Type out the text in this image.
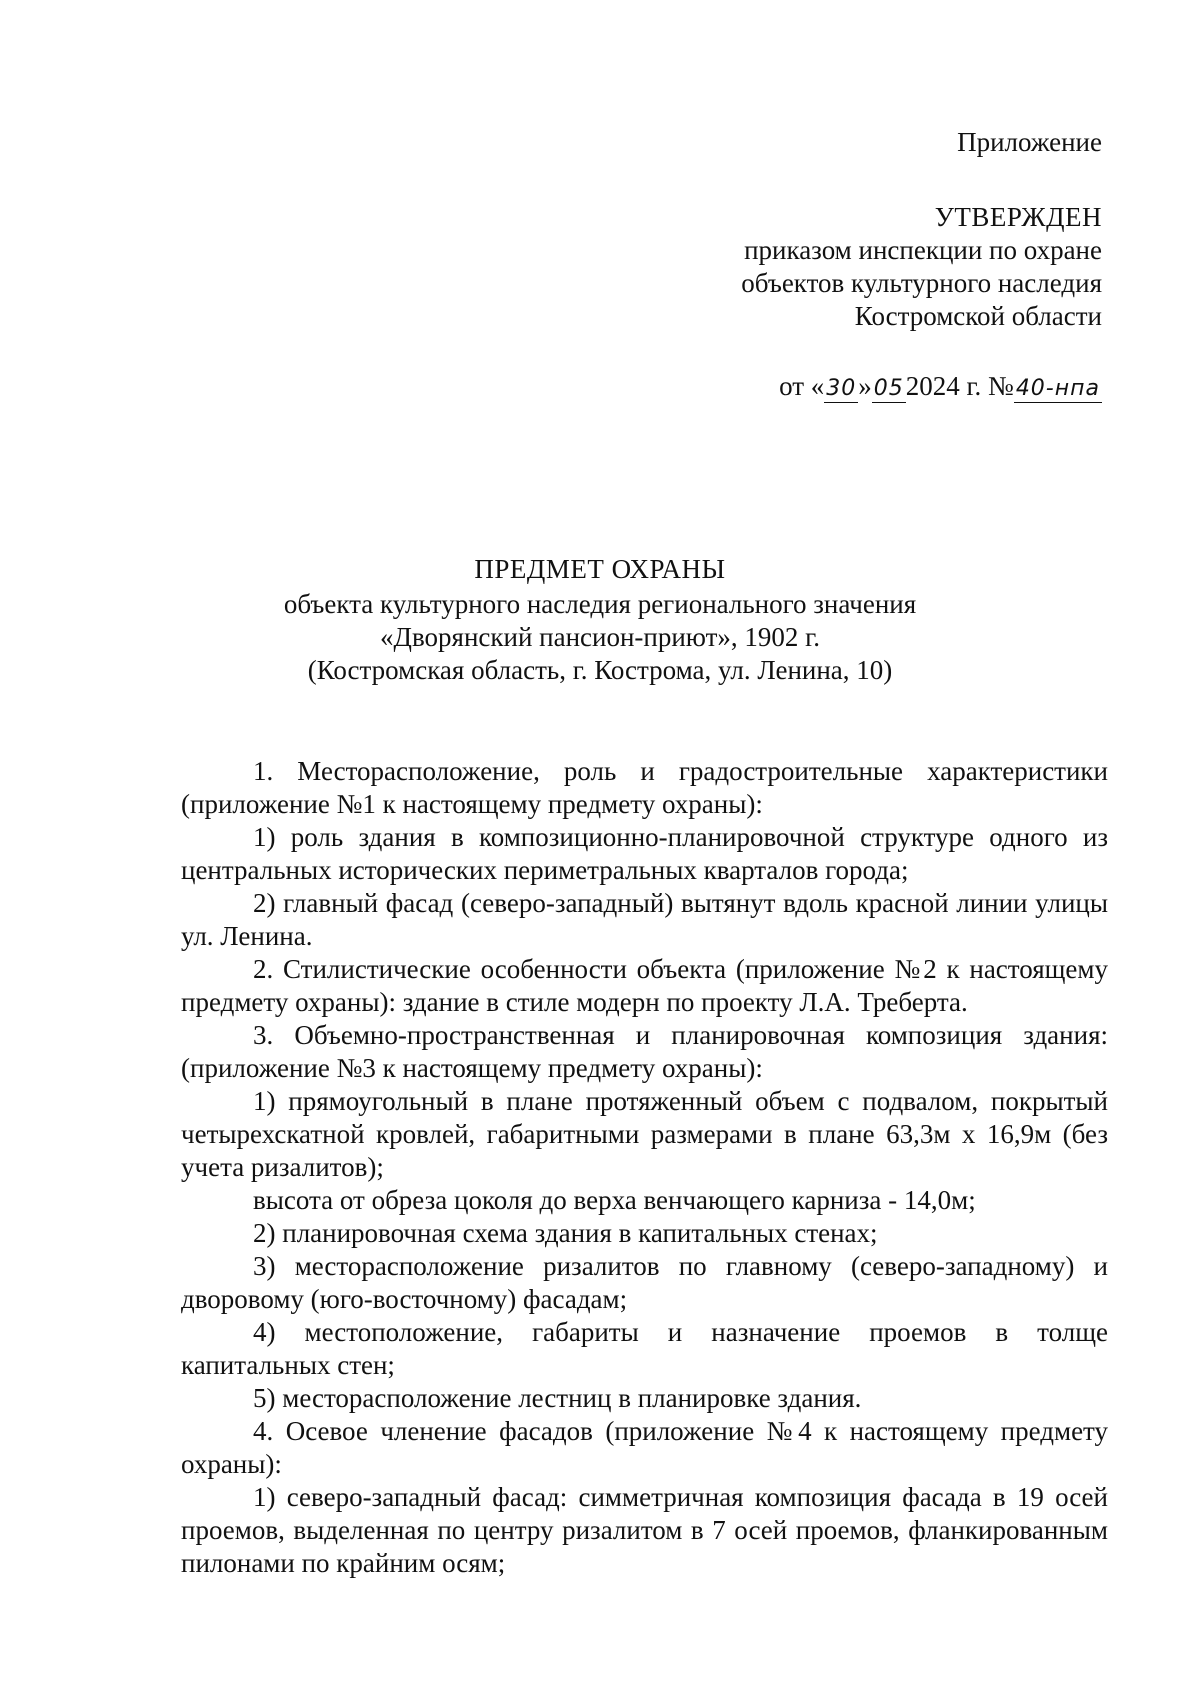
Приложение
УТВЕРЖДЕН
приказом инспекции по охране
объектов культурного наследия
Костромской области
от «30»052024 г. №40-нпа
ПРЕДМЕТ ОХРАНЫ
объекта культурного наследия регионального значения
«Дворянский пансион-приют», 1902 г.
(Костромская область, г. Кострома, ул. Ленина, 10)

1. Месторасположение, роль и градостроительные характеристики (приложение №1 к настоящему предмету охраны):

1) роль здания в композиционно-планировочной структуре одного из центральных исторических периметральных кварталов города;

2) главный фасад (северо-западный) вытянут вдоль красной линии улицы ул. Ленина.

2. Стилистические особенности объекта (приложение №2 к настоящему предмету охраны): здание в стиле модерн по проекту Л.А. Треберта.

3. Объемно-пространственная и планировочная композиция здания: (приложение №3 к настоящему предмету охраны):

1) прямоугольный в плане протяженный объем с подвалом, покрытый четырехскатной кровлей, габаритными размерами в плане 63,3м х 16,9м (без учета ризалитов);

высота от обреза цоколя до верха венчающего карниза - 14,0м;

2) планировочная схема здания в капитальных стенах;

3) месторасположение ризалитов по главному (северо-западному) и дворовому (юго-восточному) фасадам;

4) местоположение, габариты и назначение проемов в толще капитальных стен;

5) месторасположение лестниц в планировке здания.

4. Осевое членение фасадов (приложение №4 к настоящему предмету охраны):

1) северо-западный фасад: симметричная композиция фасада в 19 осей проемов, выделенная по центру ризалитом в 7 осей проемов, фланкированным пилонами по крайним осям;
